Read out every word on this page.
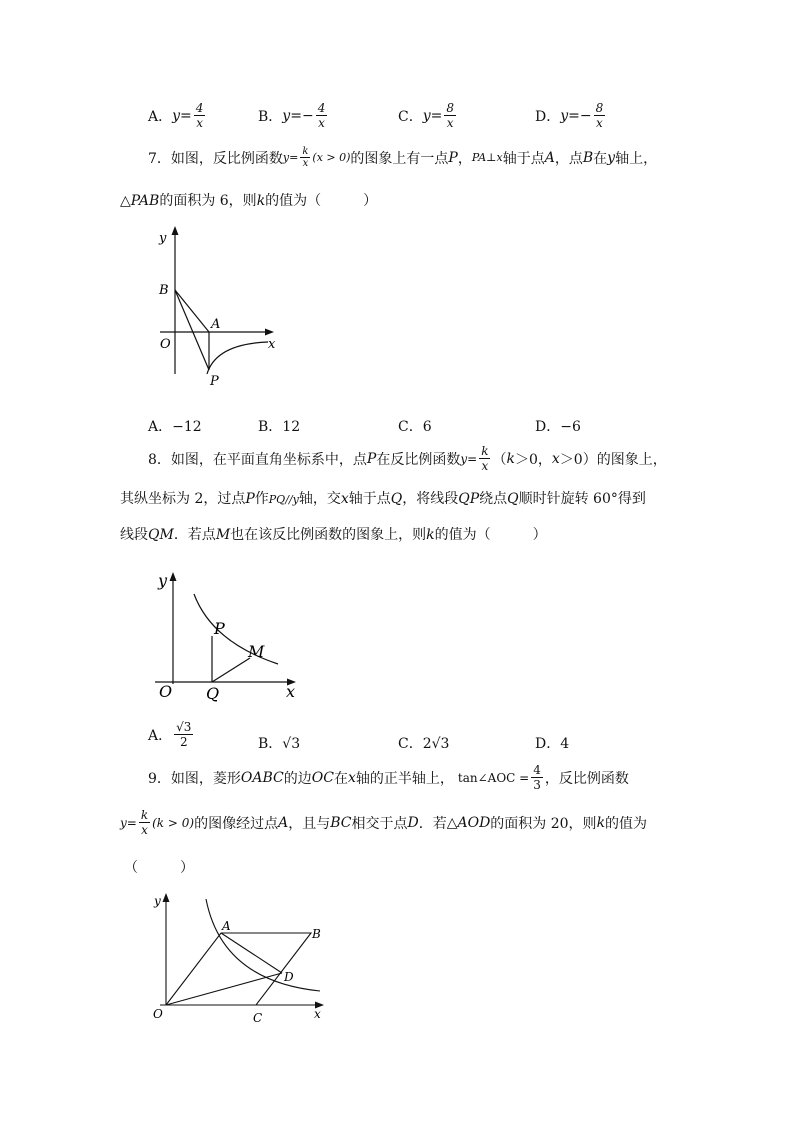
A． $y = \frac{4}{x}$	B． y = − $\frac{4}{x}$	C． $y = \frac{8}{x}$	D． y = − $\frac{8}{x}$
7． 如图，反比例函数 $y = \frac{k}{x} (x > 0)$ 的图象上有一点 P ， PA⊥x 轴于点 A ，点 B 在 y 轴上，
△PAB的面积为 6，则k的值为（　　　）
y
x
O
B
A
P
A．−12	B．12	C．6	D．−6
8． 如图，在平面直角坐标系中，点 P 在反比例函数 $y = \frac{k}{x}$ （ k ＞0， x ＞0）的图象上，
其纵坐标为 2，过点P作PQ//y轴，交x轴于点Q，将线段QP绕点Q顺时针旋转 60°得到
线段QM．若点M也在该反比例函数的图象上，则k的值为（　　　）
y
x
O Q
P
M
A． $\frac{√3}{2}$	B．√3	C．2√3	D．4
9． 如图，菱形 OABC 的边 OC 在 x 轴的正半轴上， tan∠AOC = $\frac{4}{3}$ ，反比例函数
$y = \frac{k}{x} (k > 0)$ 的图像经过点 A ，且与 BC 相交于点 D ．若 △ AOD 的面积为 20，则 k 的值为
（　　　）
y
x
O
A
B
C
D
